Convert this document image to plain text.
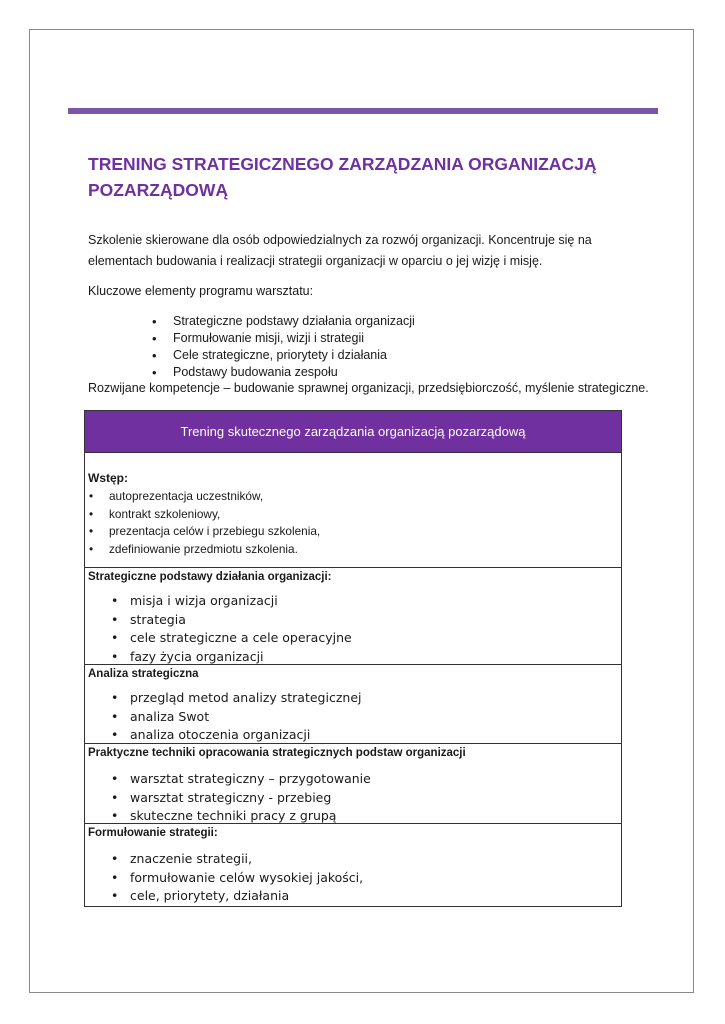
TRENING STRATEGICZNEGO ZARZĄDZANIA ORGANIZACJĄ POZARZĄDOWĄ

Szkolenie skierowane dla osób odpowiedzialnych za rozwój organizacji. Koncentruje się na elementach budowania i realizacji strategii organizacji w oparciu o jej wizję i misję.

Kluczowe elementy programu warsztatu:

• Strategiczne podstawy działania organizacji
• Formułowanie misji, wizji i strategii
• Cele strategiczne, priorytety i działania
• Podstawy budowania zespołu

Rozwijane kompetencje – budowanie sprawnej organizacji, przedsiębiorczość, myślenie strategiczne.

Trening skutecznego zarządzania organizacją pozarządową
Wstęp:
• autoprezentacja uczestników,
• kontrakt szkoleniowy,
• prezentacja celów i przebiegu szkolenia,
• zdefiniowanie przedmiotu szkolenia.
Strategiczne podstawy działania organizacji:
• misja i wizja organizacji
• strategia
• cele strategiczne a cele operacyjne
• fazy życia organizacji
Analiza strategiczna
• przegląd metod analizy strategicznej
• analiza Swot
• analiza otoczenia organizacji
Praktyczne techniki opracowania strategicznych podstaw organizacji
• warsztat strategiczny – przygotowanie
• warsztat strategiczny - przebieg
• skuteczne techniki pracy z grupą
Formułowanie strategii:
• znaczenie strategii,
• formułowanie celów wysokiej jakości,
• cele, priorytety, działania
